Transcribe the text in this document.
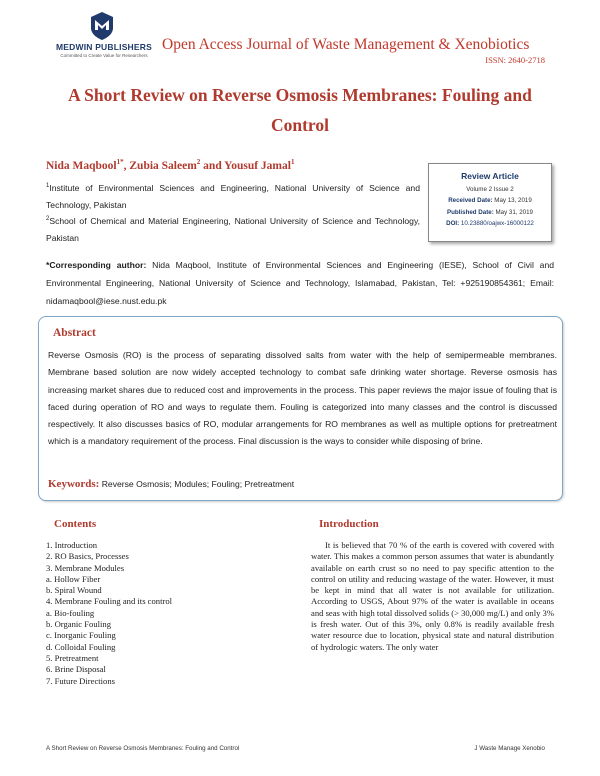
MEDWIN PUBLISHERS
Committed to Create Value for Researchers
Open Access Journal of Waste Management & Xenobiotics
ISSN: 2640-2718
A Short Review on Reverse Osmosis Membranes: Fouling and Control
Nida Maqbool$^{1*}$, Zubia Saleem$^2$ and Yousuf Jamal$^1$
$^1$Institute of Environmental Sciences and Engineering, National University of Science and Technology, Pakistan
$^2$School of Chemical and Material Engineering, National University of Science and Technology, Pakistan
Review Article
Volume 2 Issue 2
Received Date: May 13, 2019
Published Date: May 31, 2019
DOI: 10.23880/oajwx-16000122
*Corresponding author: Nida Maqbool, Institute of Environmental Sciences and Engineering (IESE), School of Civil and Environmental Engineering, National University of Science and Technology, Islamabad, Pakistan, Tel: +925190854361; Email: nidamaqbool@iese.nust.edu.pk
Abstract
Reverse Osmosis (RO) is the process of separating dissolved salts from water with the help of semipermeable membranes. Membrane based solution are now widely accepted technology to combat safe drinking water shortage. Reverse osmosis has increasing market shares due to reduced cost and improvements in the process. This paper reviews the major issue of fouling that is faced during operation of RO and ways to regulate them. Fouling is categorized into many classes and the control is discussed respectively. It also discusses basics of RO, modular arrangements for RO membranes as well as multiple options for pretreatment which is a mandatory requirement of the process. Final discussion is the ways to consider while disposing of brine.
Keywords: Reverse Osmosis; Modules; Fouling; Pretreatment
Contents
1. Introduction
2. RO Basics, Processes
3. Membrane Modules
a. Hollow Fiber
b. Spiral Wound
4. Membrane Fouling and its control
a. Bio-fouling
b. Organic Fouling
c. Inorganic Fouling
d. Colloidal Fouling
5. Pretreatment
6. Brine Disposal
7. Future Directions
Introduction

It is believed that 70 % of the earth is covered with covered with water. This makes a common person assumes that water is abundantly available on earth crust so no need to pay specific attention to the control on utility and reducing wastage of the water. However, it must be kept in mind that all water is not available for utilization. According to USGS, About 97% of the water is available in oceans and seas with high total dissolved solids (> 30,000 mg/L) and only 3% is fresh water. Out of this 3%, only 0.8% is readily available fresh water resource due to location, physical state and natural distribution of hydrologic waters. The only water

A Short Review on Reverse Osmosis Membranes: Fouling and Control	J Waste Manage Xenobio
